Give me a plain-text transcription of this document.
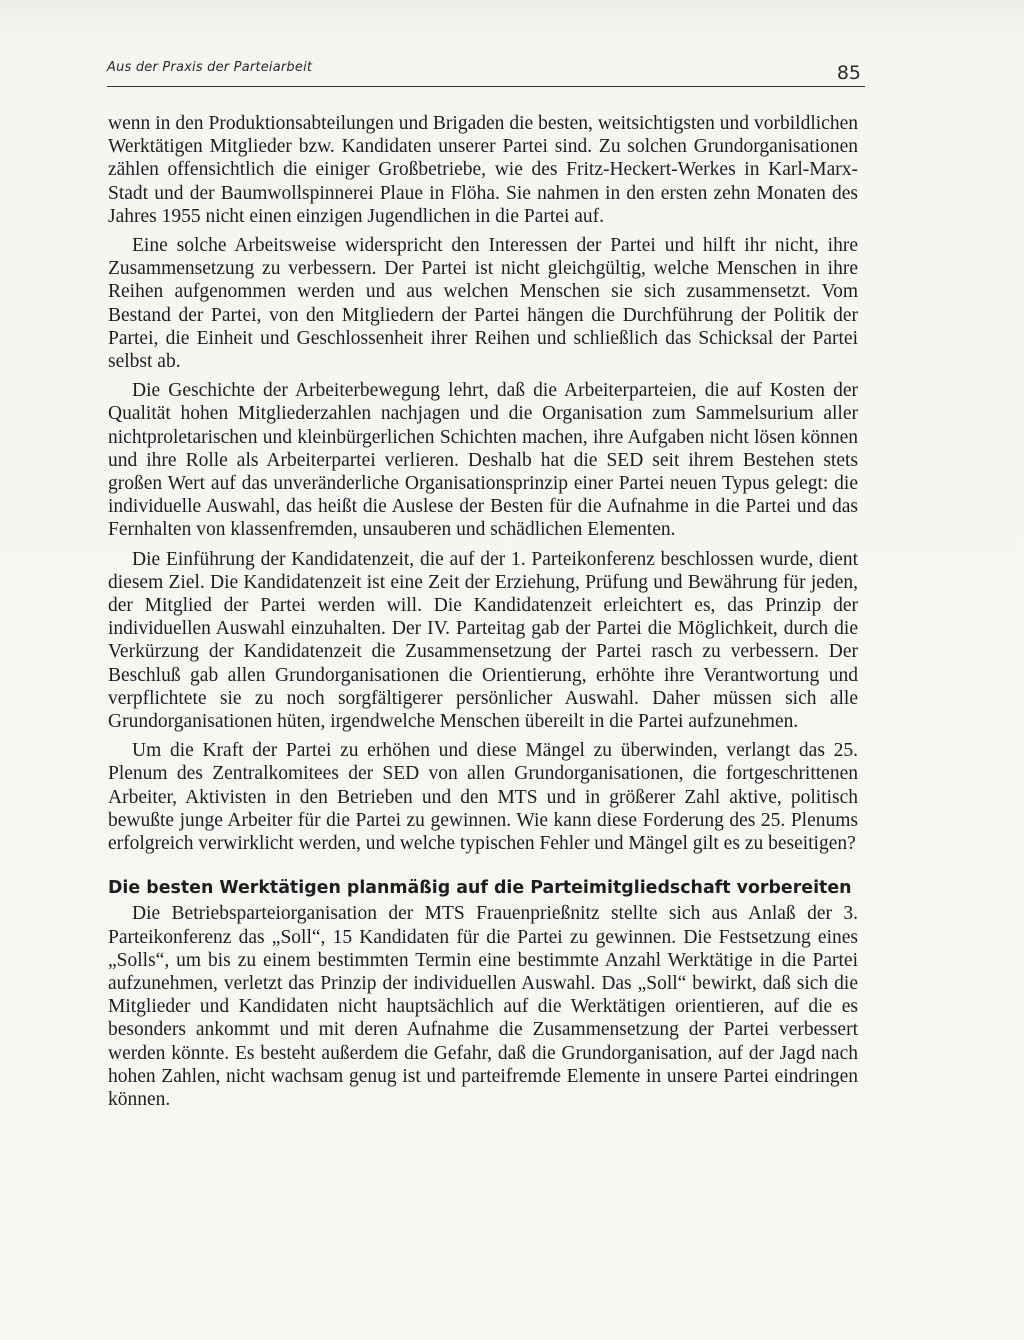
Aus der Praxis der Parteiarbeit	85

wenn in den Produktionsabteilungen und Brigaden die besten, weitsichtigsten und vorbildlichen Werktätigen Mitglieder bzw. Kandidaten unserer Partei sind. Zu solchen Grundorganisationen zählen offensichtlich die einiger Großbetriebe, wie des Fritz-Heckert-Werkes in Karl-Marx-Stadt und der Baumwollspinnerei Plaue in Flöha. Sie nahmen in den ersten zehn Monaten des Jahres 1955 nicht einen einzigen Jugendlichen in die Partei auf.

Eine solche Arbeitsweise widerspricht den Interessen der Partei und hilft ihr nicht, ihre Zusammensetzung zu verbessern. Der Partei ist nicht gleichgültig, welche Menschen in ihre Reihen aufgenommen werden und aus welchen Menschen sie sich zusammensetzt. Vom Bestand der Partei, von den Mitgliedern der Partei hängen die Durchführung der Politik der Partei, die Einheit und Geschlossenheit ihrer Reihen und schließlich das Schicksal der Partei selbst ab.

Die Geschichte der Arbeiterbewegung lehrt, daß die Arbeiterparteien, die auf Kosten der Qualität hohen Mitgliederzahlen nachjagen und die Organisation zum Sammelsurium aller nichtproletarischen und kleinbürgerlichen Schichten machen, ihre Aufgaben nicht lösen können und ihre Rolle als Arbeiterpartei verlieren. Deshalb hat die SED seit ihrem Bestehen stets großen Wert auf das unveränderliche Organisationsprinzip einer Partei neuen Typus gelegt: die individuelle Auswahl, das heißt die Auslese der Besten für die Aufnahme in die Partei und das Fernhalten von klassenfremden, unsauberen und schädlichen Elementen.

Die Einführung der Kandidatenzeit, die auf der 1. Parteikonferenz beschlossen wurde, dient diesem Ziel. Die Kandidatenzeit ist eine Zeit der Erziehung, Prüfung und Bewährung für jeden, der Mitglied der Partei werden will. Die Kandidatenzeit erleichtert es, das Prinzip der individuellen Auswahl einzuhalten. Der IV. Parteitag gab der Partei die Möglichkeit, durch die Verkürzung der Kandidatenzeit die Zusammensetzung der Partei rasch zu verbessern. Der Beschluß gab allen Grundorganisationen die Orientierung, erhöhte ihre Verantwortung und verpflichtete sie zu noch sorgfältigerer persönlicher Auswahl. Daher müssen sich alle Grundorganisationen hüten, irgendwelche Menschen übereilt in die Partei aufzunehmen.

Um die Kraft der Partei zu erhöhen und diese Mängel zu überwinden, verlangt das 25. Plenum des Zentralkomitees der SED von allen Grundorganisationen, die fortgeschrittenen Arbeiter, Aktivisten in den Betrieben und den MTS und in größerer Zahl aktive, politisch bewußte junge Arbeiter für die Partei zu gewinnen. Wie kann diese Forderung des 25. Plenums erfolgreich verwirklicht werden, und welche typischen Fehler und Mängel gilt es zu beseitigen?

Die besten Werktätigen planmäßig auf die Parteimitgliedschaft vorbereiten

Die Betriebsparteiorganisation der MTS Frauenprießnitz stellte sich aus Anlaß der 3. Parteikonferenz das „Soll“, 15 Kandidaten für die Partei zu gewinnen. Die Festsetzung eines „Solls“, um bis zu einem bestimmten Termin eine bestimmte Anzahl Werktätige in die Partei aufzunehmen, verletzt das Prinzip der individuellen Auswahl. Das „Soll“ bewirkt, daß sich die Mitglieder und Kandidaten nicht hauptsächlich auf die Werktätigen orientieren, auf die es besonders ankommt und mit deren Aufnahme die Zusammensetzung der Partei verbessert werden könnte. Es besteht außerdem die Gefahr, daß die Grundorganisation, auf der Jagd nach hohen Zahlen, nicht wachsam genug ist und parteifremde Elemente in unsere Partei eindringen können.
